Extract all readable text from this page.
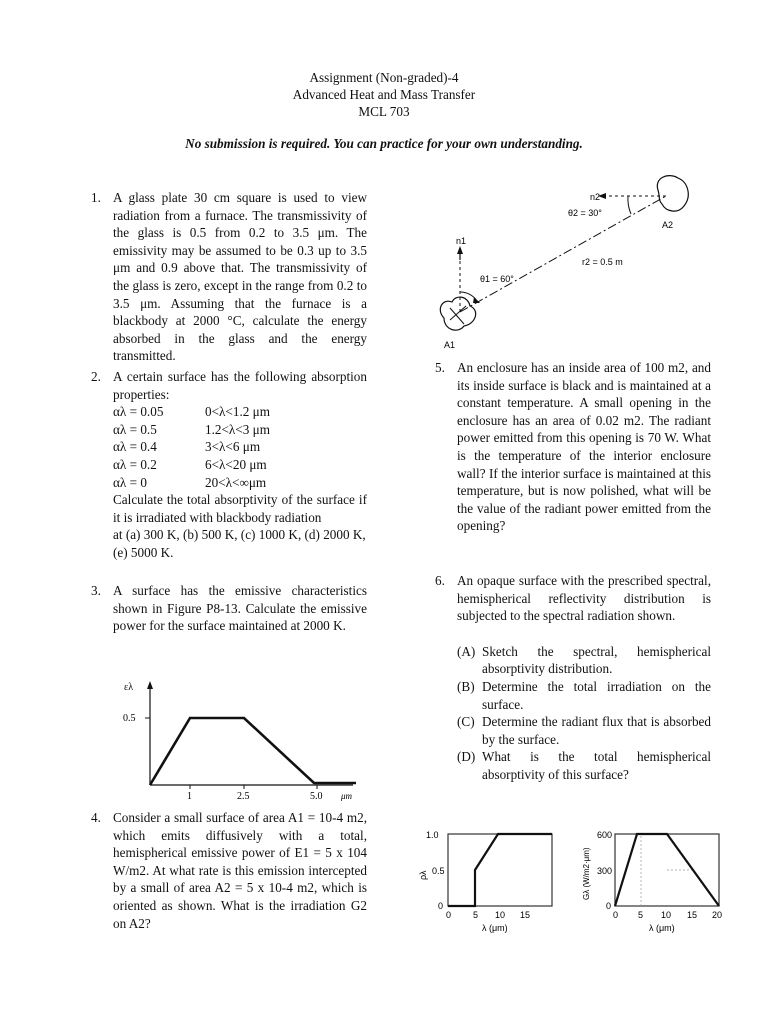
Assignment (Non-graded)-4
Advanced Heat and Mass Transfer
MCL 703
No submission is required. You can practice for your own understanding.
1. A glass plate 30 cm square is used to view radiation from a furnace. The transmissivity of the glass is 0.5 from 0.2 to 3.5 μm. The emissivity may be assumed to be 0.3 up to 3.5 μm and 0.9 above that. The transmissivity of the glass is zero, except in the range from 0.2 to 3.5 μm. Assuming that the furnace is a blackbody at 2000 °C, calculate the energy absorbed in the glass and the energy transmitted.

2. A certain surface has the following absorption properties:

αλ = 0.05	0<λ<1.2 μm
αλ = 0.5	1.2<λ<3 μm
αλ = 0.4	3<λ<6 μm
αλ = 0.2	6<λ<20 μm
αλ = 0	20<λ<∞μm

Calculate the total absorptivity of the surface if it is irradiated with blackbody radiation

at (a) 300 K, (b) 500 K, (c) 1000 K, (d) 2000 K, (e) 5000 K.

3. A surface has the emissive characteristics shown in Figure P8-13. Calculate the emissive power for the surface maintained at 2000 K.

ελ
0.5
1	2.5	5.0 μm
4. Consider a small surface of area A1 = 10-4 m2, which emits diffusively with a total, hemispherical emissive power of E1 = 5 x 104 W/m2. At what rate is this emission intercepted by a small of area A2 = 5 x 10-4 m2, which is oriented as shown. What is the irradiation G2 on A2?

A1
n1
θ1 = 60°
r2 = 0.5 m
A2
n2
θ2 = 30°
5. An enclosure has an inside area of 100 m2, and its inside surface is black and is maintained at a constant temperature. A small opening in the enclosure has an area of 0.02 m2. The radiant power emitted from this opening is 70 W. What is the temperature of the interior enclosure wall? If the interior surface is maintained at this temperature, but is now polished, what will be the value of the radiant power emitted from the opening?

6. An opaque surface with the prescribed spectral, hemispherical reflectivity distribution is subjected to the spectral radiation shown.

(A) Sketch the spectral, hemispherical absorptivity distribution.
(B) Determine the total irradiation on the surface.
(C) Determine the radiant flux that is absorbed by the surface.
(D) What is the total hemispherical absorptivity of this surface?
1.0
0.5
0
ρλ
0 5 10 15
λ (μm)
600
300
0
Gλ (W/m2·μm)
0 5 10 15 20
λ (μm)
